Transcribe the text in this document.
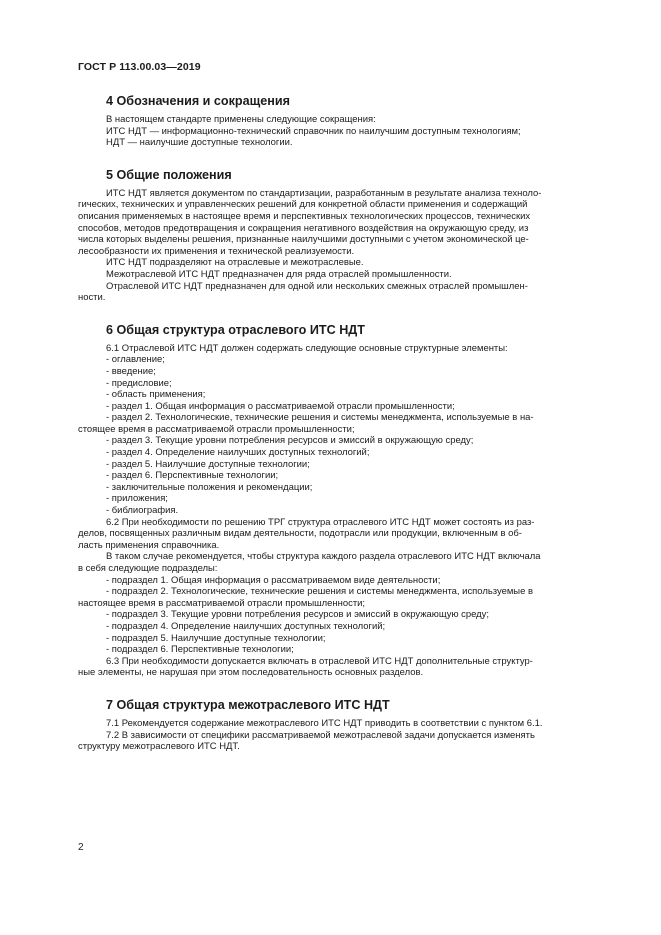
ГОСТ Р 113.00.03—2019
4 Обозначения и сокращения
В настоящем стандарте применены следующие сокращения:
ИТС НДТ — информационно-технический справочник по наилучшим доступным технологиям;
НДТ — наилучшие доступные технологии.
5 Общие положения
ИТС НДТ является документом по стандартизации, разработанным в результате анализа техноло-
гических, технических и управленческих решений для конкретной области применения и содержащий
описания применяемых в настоящее время и перспективных технологических процессов, технических
способов, методов предотвращения и сокращения негативного воздействия на окружающую среду, из
числа которых выделены решения, признанные наилучшими доступными с учетом экономической це-
лесообразности их применения и технической реализуемости.
ИТС НДТ подразделяют на отраслевые и межотраслевые.
Межотраслевой ИТС НДТ предназначен для ряда отраслей промышленности.
Отраслевой ИТС НДТ предназначен для одной или нескольких смежных отраслей промышлен-
ности.
6 Общая структура отраслевого ИТС НДТ
6.1 Отраслевой ИТС НДТ должен содержать следующие основные структурные элементы:
- оглавление;
- введение;
- предисловие;
- область применения;
- раздел 1. Общая информация о рассматриваемой отрасли промышленности;
- раздел 2. Технологические, технические решения и системы менеджмента, используемые в на-
стоящее время в рассматриваемой отрасли промышленности;
- раздел 3. Текущие уровни потребления ресурсов и эмиссий в окружающую среду;
- раздел 4. Определение наилучших доступных технологий;
- раздел 5. Наилучшие доступные технологии;
- раздел 6. Перспективные технологии;
- заключительные положения и рекомендации;
- приложения;
- библиография.
6.2 При необходимости по решению ТРГ структура отраслевого ИТС НДТ может состоять из раз-
делов, посвященных различным видам деятельности, подотрасли или продукции, включенным в об-
ласть применения справочника.
В таком случае рекомендуется, чтобы структура каждого раздела отраслевого ИТС НДТ включала
в себя следующие подразделы:
- подраздел 1. Общая информация о рассматриваемом виде деятельности;
- подраздел 2. Технологические, технические решения и системы менеджмента, используемые в
настоящее время в рассматриваемой отрасли промышленности;
- подраздел 3. Текущие уровни потребления ресурсов и эмиссий в окружающую среду;
- подраздел 4. Определение наилучших доступных технологий;
- подраздел 5. Наилучшие доступные технологии;
- подраздел 6. Перспективные технологии;
6.3 При необходимости допускается включать в отраслевой ИТС НДТ дополнительные структур-
ные элементы, не нарушая при этом последовательность основных разделов.
7 Общая структура межотраслевого ИТС НДТ
7.1 Рекомендуется содержание межотраслевого ИТС НДТ приводить в соответствии с пунктом 6.1.
7.2 В зависимости от специфики рассматриваемой межотраслевой задачи допускается изменять
структуру межотраслевого ИТС НДТ.
2
